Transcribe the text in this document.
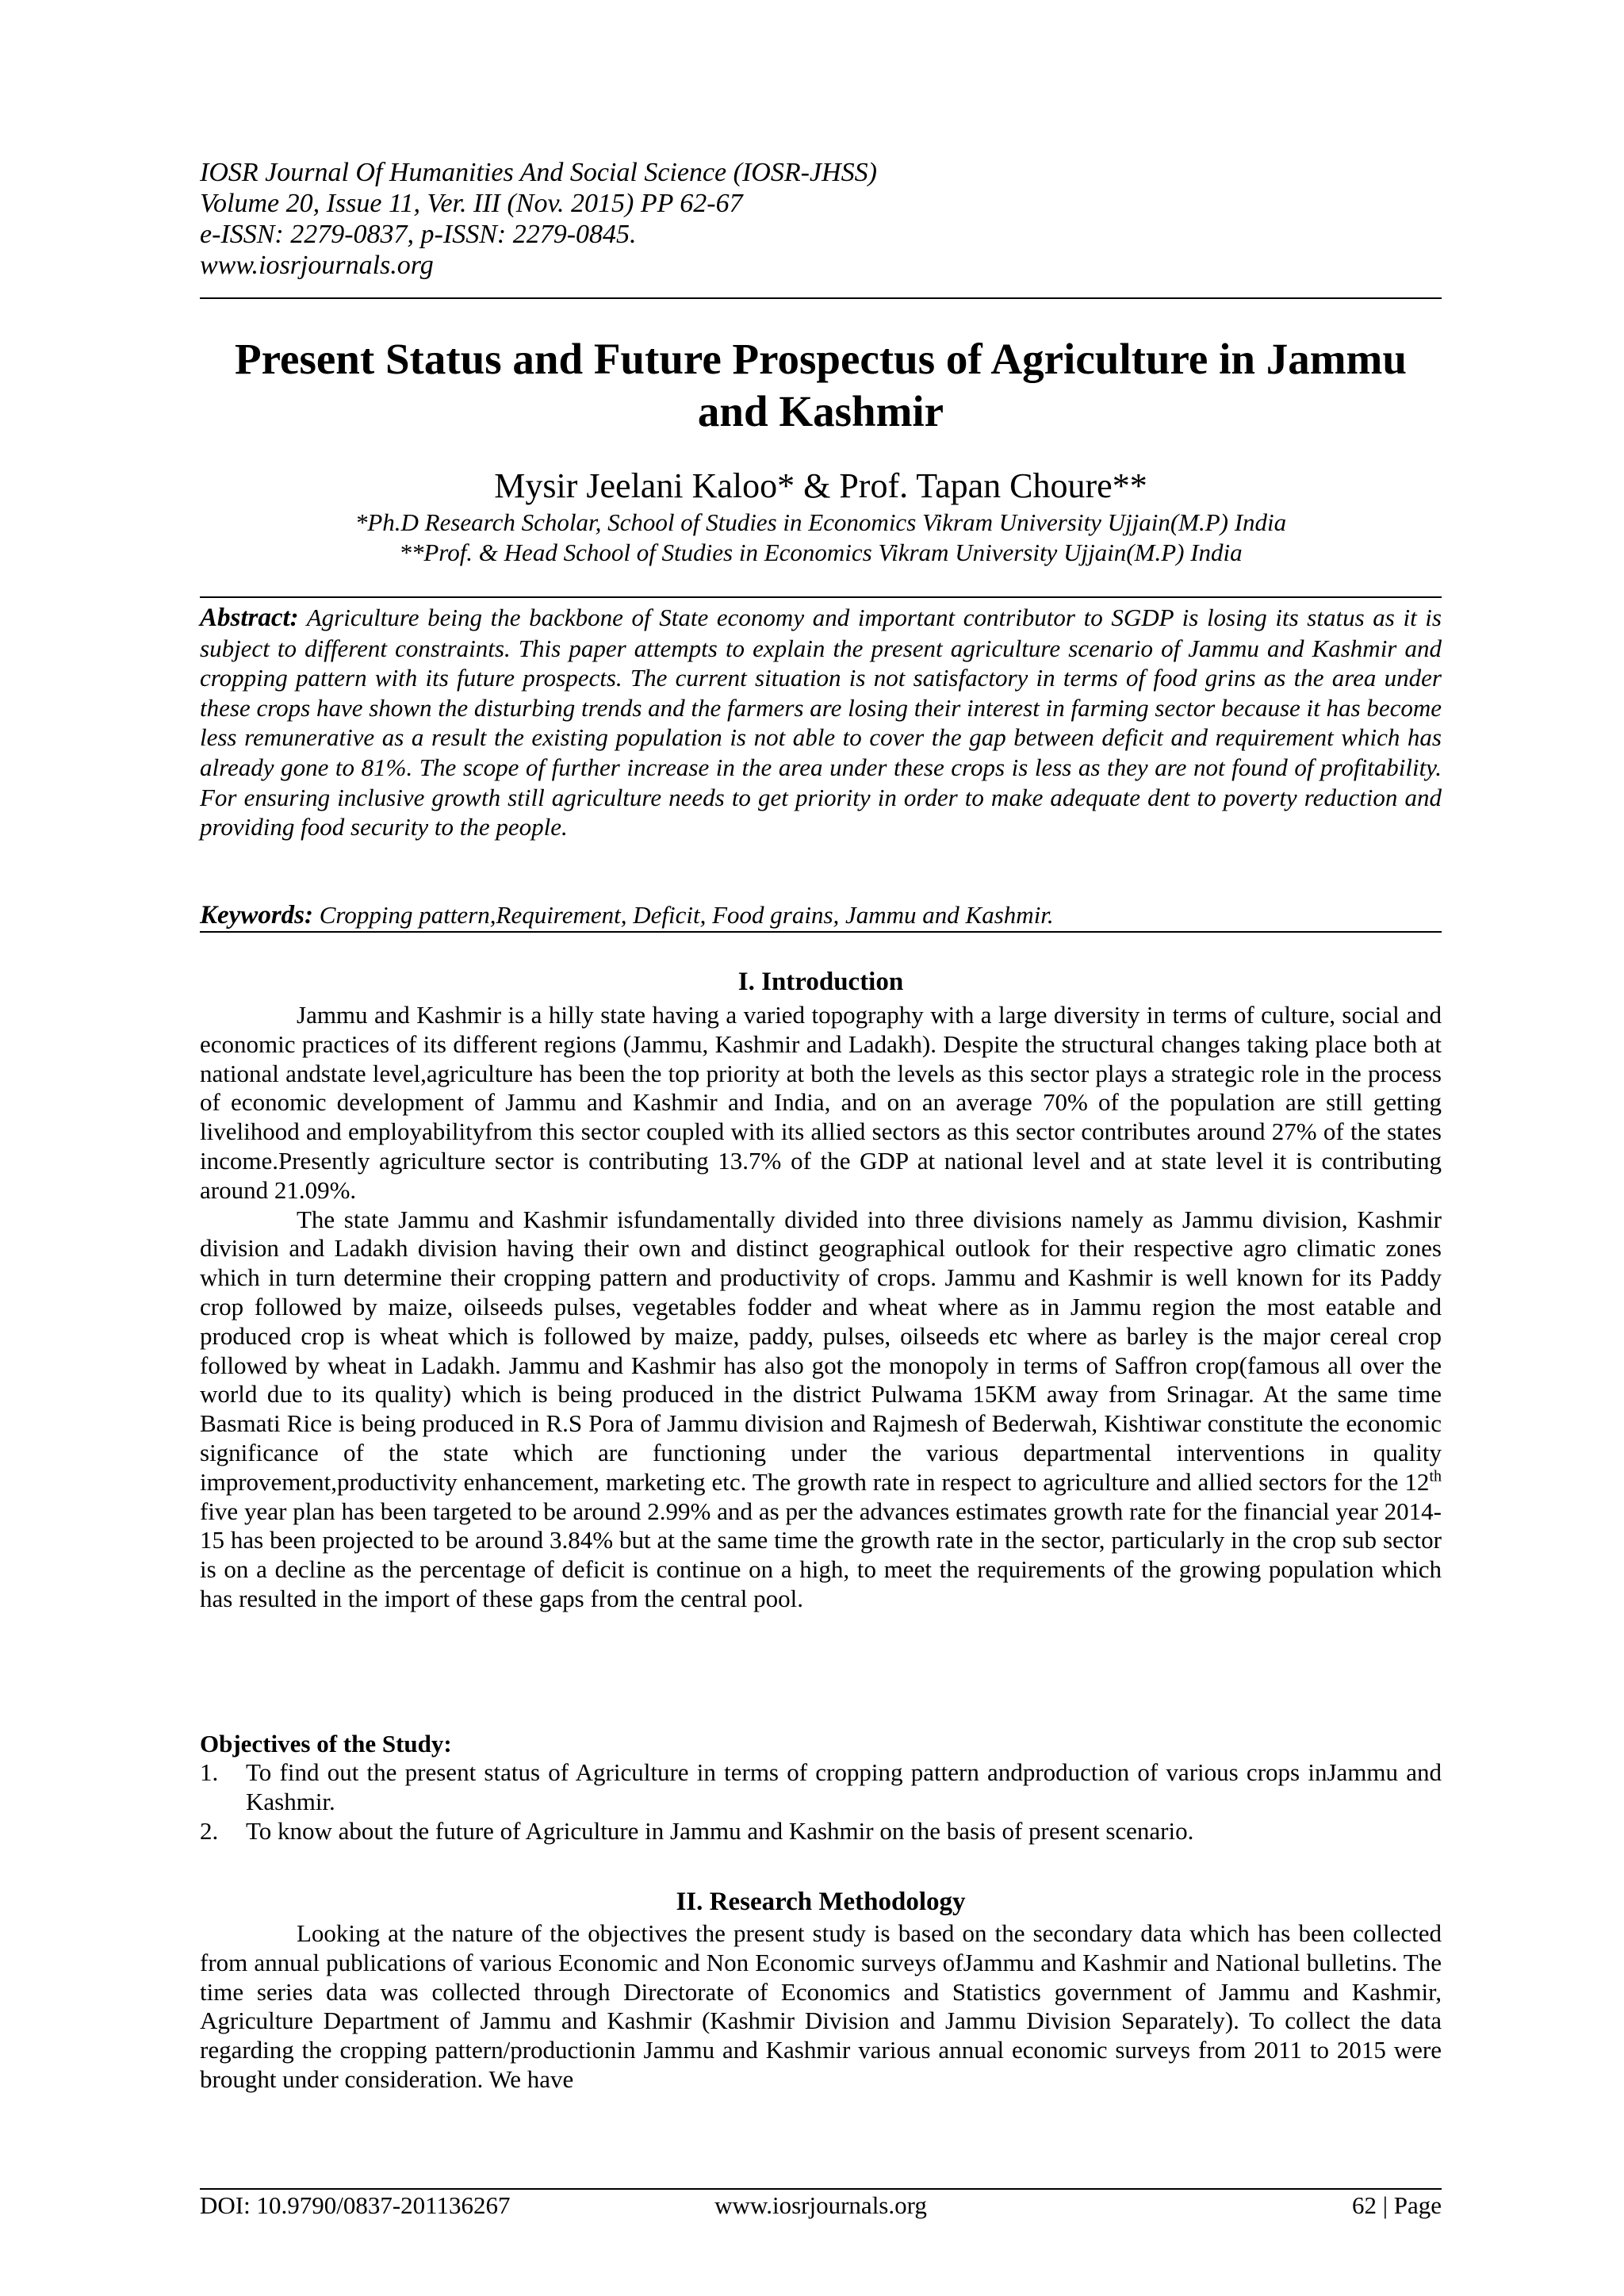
IOSR Journal Of Humanities And Social Science (IOSR-JHSS)
Volume 20, Issue 11, Ver. III (Nov. 2015) PP 62-67
e-ISSN: 2279-0837, p-ISSN: 2279-0845.
www.iosrjournals.org
Present Status and Future Prospectus of Agriculture in Jammu
and Kashmir
Mysir Jeelani Kaloo* & Prof. Tapan Choure**
*Ph.D Research Scholar, School of Studies in Economics Vikram University Ujjain(M.P) India
**Prof. & Head School of Studies in Economics Vikram University Ujjain(M.P) India
Abstract: Agriculture being the backbone of State economy and important contributor to SGDP is losing its status as it is subject to different constraints. This paper attempts to explain the present agriculture scenario of Jammu and Kashmir and cropping pattern with its future prospects. The current situation is not satisfactory in terms of food grins as the area under these crops have shown the disturbing trends and the farmers are losing their interest in farming sector because it has become less remunerative as a result the existing population is not able to cover the gap between deficit and requirement which has already gone to 81%. The scope of further increase in the area under these crops is less as they are not found of profitability. For ensuring inclusive growth still agriculture needs to get priority in order to make adequate dent to poverty reduction and providing food security to the people.
Keywords: Cropping pattern,Requirement, Deficit, Food grains, Jammu and Kashmir.
I. Introduction

Jammu and Kashmir is a hilly state having a varied topography with a large diversity in terms of culture, social and economic practices of its different regions (Jammu, Kashmir and Ladakh). Despite the structural changes taking place both at national andstate level,agriculture has been the top priority at both the levels as this sector plays a strategic role in the process of economic development of Jammu and Kashmir and India, and on an average 70% of the population are still getting livelihood and employabilityfrom this sector coupled with its allied sectors as this sector contributes around 27% of the states income.Presently agriculture sector is contributing 13.7% of the GDP at national level and at state level it is contributing around 21.09%.

The state Jammu and Kashmir isfundamentally divided into three divisions namely as Jammu division, Kashmir division and Ladakh division having their own and distinct geographical outlook for their respective agro climatic zones which in turn determine their cropping pattern and productivity of crops. Jammu and Kashmir is well known for its Paddy crop followed by maize, oilseeds pulses, vegetables fodder and wheat where as in Jammu region the most eatable and produced crop is wheat which is followed by maize, paddy, pulses, oilseeds etc where as barley is the major cereal crop followed by wheat in Ladakh. Jammu and Kashmir has also got the monopoly in terms of Saffron crop(famous all over the world due to its quality) which is being produced in the district Pulwama 15KM away from Srinagar. At the same time Basmati Rice is being produced in R.S Pora of Jammu division and Rajmesh of Bederwah, Kishtiwar constitute the economic significance of the state which are functioning under the various departmental interventions in quality improvement,productivity enhancement, marketing etc. The growth rate in respect to agriculture and allied sectors for the 12th five year plan has been targeted to be around 2.99% and as per the advances estimates growth rate for the financial year 2014-15 has been projected to be around 3.84% but at the same time the growth rate in the sector, particularly in the crop sub sector is on a decline as the percentage of deficit is continue on a high, to meet the requirements of the growing population which has resulted in the import of these gaps from the central pool.

Objectives of the Study:
1. To find out the present status of Agriculture in terms of cropping pattern andproduction of various crops inJammu and Kashmir.
2. To know about the future of Agriculture in Jammu and Kashmir on the basis of present scenario.
II. Research Methodology

Looking at the nature of the objectives the present study is based on the secondary data which has been collected from annual publications of various Economic and Non Economic surveys ofJammu and Kashmir and National bulletins. The time series data was collected through Directorate of Economics and Statistics government of Jammu and Kashmir, Agriculture Department of Jammu and Kashmir (Kashmir Division and Jammu Division Separately). To collect the data regarding the cropping pattern/productionin Jammu and Kashmir various annual economic surveys from 2011 to 2015 were brought under consideration. We have

DOI: 10.9790/0837-201136267	www.iosrjournals.org	62 | Page
